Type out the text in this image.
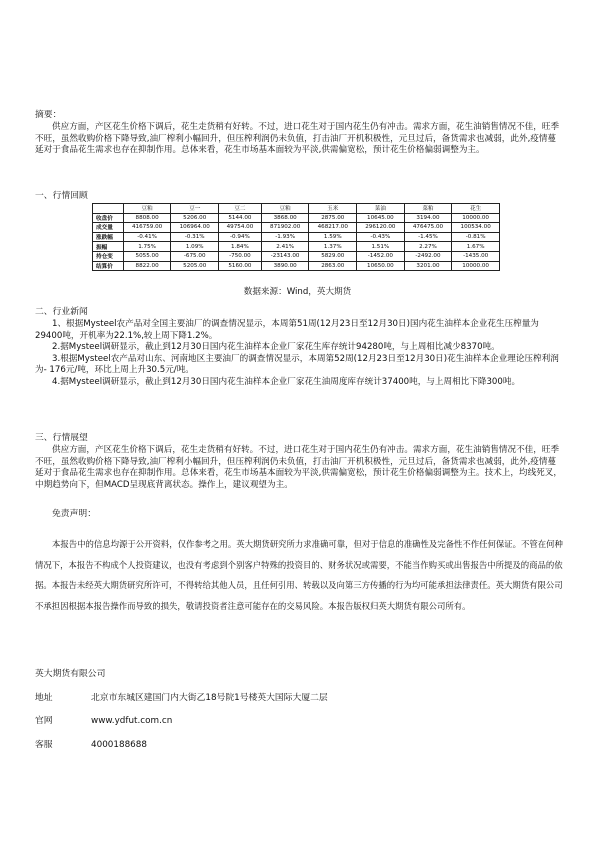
摘要：

供应方面，产区花生价格下调后，花生走货稍有好转。不过，进口花生对于国内花生仍有冲击。需求方面，花生油销售情况不佳，旺季不旺，虽然收购价格下降导致,油厂榨利小幅回升，但压榨利润仍未负值，打击油厂开机积极性，元旦过后，备货需求也减弱，此外,疫情蔓延对于食品花生需求也存在抑制作用。总体来看，花生市场基本面较为平淡,供需偏宽松，预计花生价格偏弱调整为主。

一、行情回顾
	豆粕	豆一	豆二	豆粕	玉米	菜油	菜粕	花生
收盘价	8808.00	5206.00	5144.00	3868.00	2875.00	10645.00	3194.00	10000.00
成交量	416759.00	106964.00	49754.00	871902.00	468217.00	296120.00	476475.00	100534.00
涨跌幅	-0.41%	-0.31%	-0.94%	-1.93%	1.59%	-0.43%	-1.45%	-0.81%
振幅	1.75%	1.09%	1.84%	2.41%	1.37%	1.51%	2.27%	1.67%
持仓变	5055.00	-675.00	-750.00	-23143.00	5829.00	-1452.00	-2492.00	-1435.00
结算价	8822.00	5205.00	5160.00	3890.00	2863.00	10650.00	3201.00	10000.00
数据来源：Wind，英大期货
二、行业新闻

1、根据Mysteel农产品对全国主要油厂的调查情况显示，本周第51周(12月23日至12月30日)国内花生油样本企业花生压榨量为29400吨，开机率为22.1%,较上周下降1.2%。

2.据Mysteel调研显示，截止到12月30日国内花生油样本企业厂家花生库存统计94280吨，与上周相比减少8370吨。

3.根据Mysteel农产品对山东、河南地区主要油厂的调查情况显示，本周第52周(12月23日至12月30日)花生油样本企业理论压榨利润为- 176元/吨，环比上周上升30.5元/吨。

4.据Mysteel调研显示，截止到12月30日国内花生油样本企业厂家花生油周度库存统计37400吨，与上周相比下降300吨。

三、行情展望

供应方面，产区花生价格下调后，花生走货稍有好转。不过，进口花生对于国内花生仍有冲击。需求方面，花生油销售情况不佳，旺季不旺，虽然收购价格下降导致,油厂榨利小幅回升，但压榨利润仍未负值，打击油厂开机积极性，元旦过后，备货需求也减弱，此外,疫情蔓延对于食品花生需求也存在抑制作用。总体来看，花生市场基本面较为平淡,供需偏宽松，预计花生价格偏弱调整为主。技术上，均线死叉，中期趋势向下，但MACD呈现底背离状态。操作上，建议观望为主。

免责声明：

本报告中的信息均源于公开资料，仅作参考之用。英大期货研究所力求准确可靠，但对于信息的准确性及完备性不作任何保证。不管在何种情况下，本报告不构成个人投资建议，也没有考虑到个别客户特殊的投资目的、财务状况或需要，不能当作购买或出售报告中所提及的商品的依据。本报告未经英大期货研究所许可，不得转给其他人员，且任何引用、转载以及向第三方传播的行为均可能承担法律责任。英大期货有限公司不承担因根据本报告操作而导致的损失，敬请投资者注意可能存在的交易风险。本报告版权归英大期货有限公司所有。

英大期货有限公司
地址	北京市东城区建国门内大街乙18号院1号楼英大国际大厦二层
官网	www.ydfut.com.cn
客服	4000188688
